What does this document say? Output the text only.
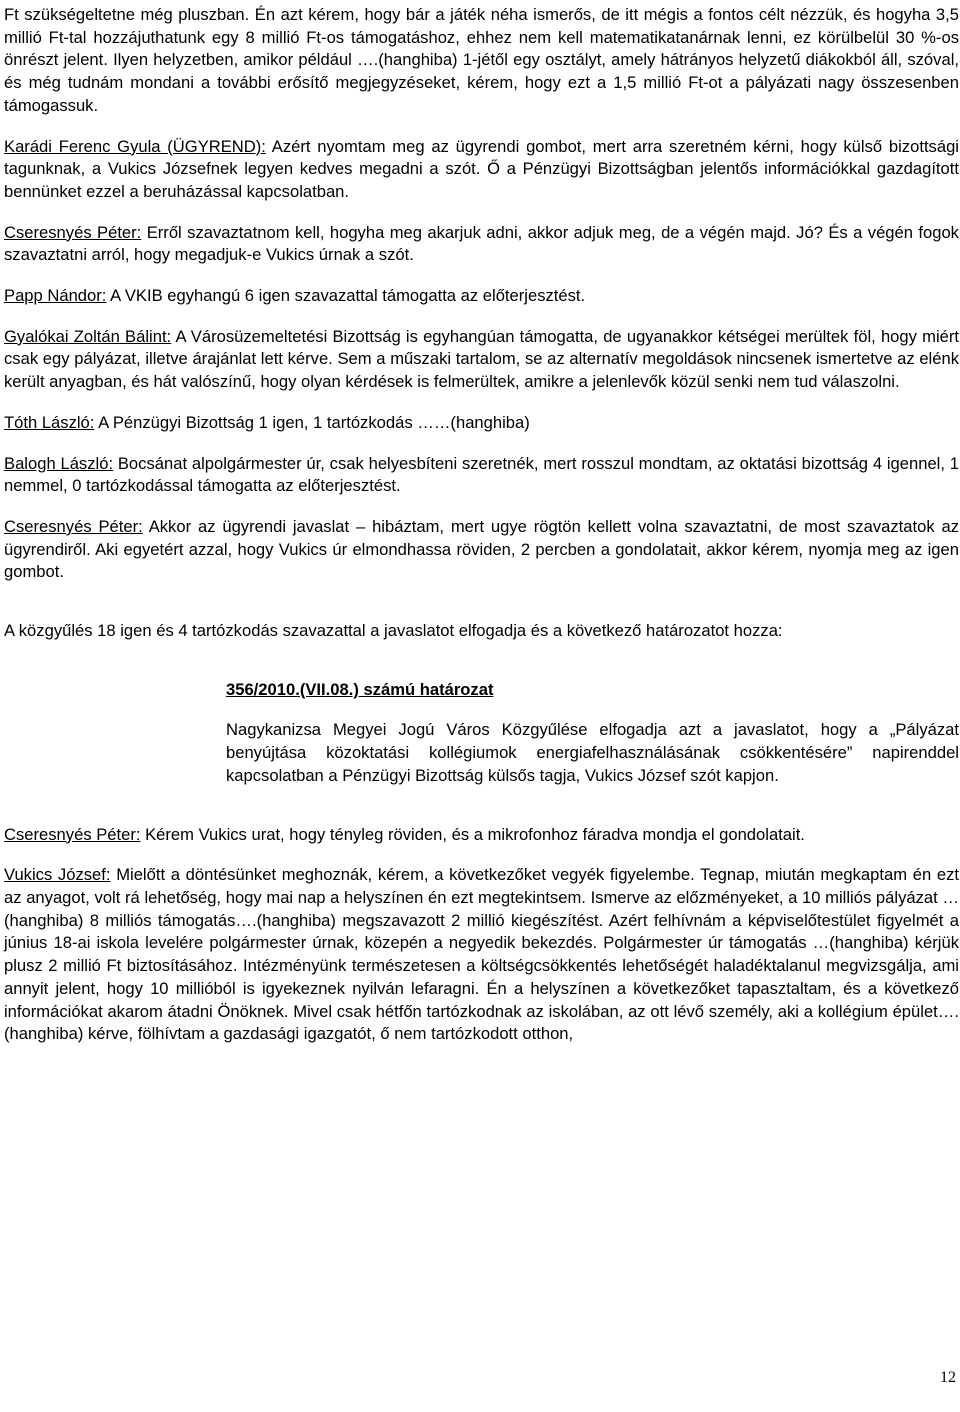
Ft szükségeltetne még pluszban. Én azt kérem, hogy bár a játék néha ismerős, de itt mégis a fontos célt nézzük, és hogyha 3,5 millió Ft-tal hozzájuthatunk egy 8 millió Ft-os támogatáshoz, ehhez nem kell matematikatanárnak lenni, ez körülbelül 30 %-os önrészt jelent. Ilyen helyzetben, amikor például ….(hanghiba) 1-jétől egy osztályt, amely hátrányos helyzetű diákokból áll, szóval, és még tudnám mondani a további erősítő megjegyzéseket, kérem, hogy ezt a 1,5 millió Ft-ot a pályázati nagy összesenben támogassuk.

Karádi Ferenc Gyula (ÜGYREND): Azért nyomtam meg az ügyrendi gombot, mert arra szeretném kérni, hogy külső bizottsági tagunknak, a Vukics Józsefnek legyen kedves megadni a szót. Ő a Pénzügyi Bizottságban jelentős információkkal gazdagított bennünket ezzel a beruházással kapcsolatban.

Cseresnyés Péter: Erről szavaztatnom kell, hogyha meg akarjuk adni, akkor adjuk meg, de a végén majd. Jó? És a végén fogok szavaztatni arról, hogy megadjuk-e Vukics úrnak a szót.

Papp Nándor: A VKIB egyhangú 6 igen szavazattal támogatta az előterjesztést.

Gyalókai Zoltán Bálint: A Városüzemeltetési Bizottság is egyhangúan támogatta, de ugyanakkor kétségei merültek föl, hogy miért csak egy pályázat, illetve árajánlat lett kérve. Sem a műszaki tartalom, se az alternatív megoldások nincsenek ismertetve az elénk került anyagban, és hát valószínű, hogy olyan kérdések is felmerültek, amikre a jelenlevők közül senki nem tud válaszolni.

Tóth László: A Pénzügyi Bizottság 1 igen, 1 tartózkodás ……(hanghiba)

Balogh László: Bocsánat alpolgármester úr, csak helyesbíteni szeretnék, mert rosszul mondtam, az oktatási bizottság 4 igennel, 1 nemmel, 0 tartózkodással támogatta az előterjesztést.

Cseresnyés Péter: Akkor az ügyrendi javaslat – hibáztam, mert ugye rögtön kellett volna szavaztatni, de most szavaztatok az ügyrendiről. Aki egyetért azzal, hogy Vukics úr elmondhassa röviden, 2 percben a gondolatait, akkor kérem, nyomja meg az igen gombot.

A közgyűlés 18 igen és 4 tartózkodás szavazattal a javaslatot elfogadja és a következő határozatot hozza:

356/2010.(VII.08.) számú határozat

Nagykanizsa Megyei Jogú Város Közgyűlése elfogadja azt a javaslatot, hogy a „Pályázat benyújtása közoktatási kollégiumok energiafelhasználásának csökkentésére” napirenddel kapcsolatban a Pénzügyi Bizottság külsős tagja, Vukics József szót kapjon.

Cseresnyés Péter: Kérem Vukics urat, hogy tényleg röviden, és a mikrofonhoz fáradva mondja el gondolatait.

Vukics József: Mielőtt a döntésünket meghoznák, kérem, a következőket vegyék figyelembe. Tegnap, miután megkaptam én ezt az anyagot, volt rá lehetőség, hogy mai nap a helyszínen én ezt megtekintsem. Ismerve az előzményeket, a 10 milliós pályázat …(hanghiba) 8 milliós támogatás….(hanghiba) megszavazott 2 millió kiegészítést. Azért felhívnám a képviselőtestület figyelmét a június 18-ai iskola levelére polgármester úrnak, közepén a negyedik bekezdés. Polgármester úr támogatás …(hanghiba) kérjük plusz 2 millió Ft biztosításához. Intézményünk természetesen a költségcsökkentés lehetőségét haladéktalanul megvizsgálja, ami annyit jelent, hogy 10 millióból is igyekeznek nyilván lefaragni. Én a helyszínen a következőket tapasztaltam, és a következő információkat akarom átadni Önöknek. Mivel csak hétfőn tartózkodnak az iskolában, az ott lévő személy, aki a kollégium épület….(hanghiba) kérve, fölhívtam a gazdasági igazgatót, ő nem tartózkodott otthon,

12
